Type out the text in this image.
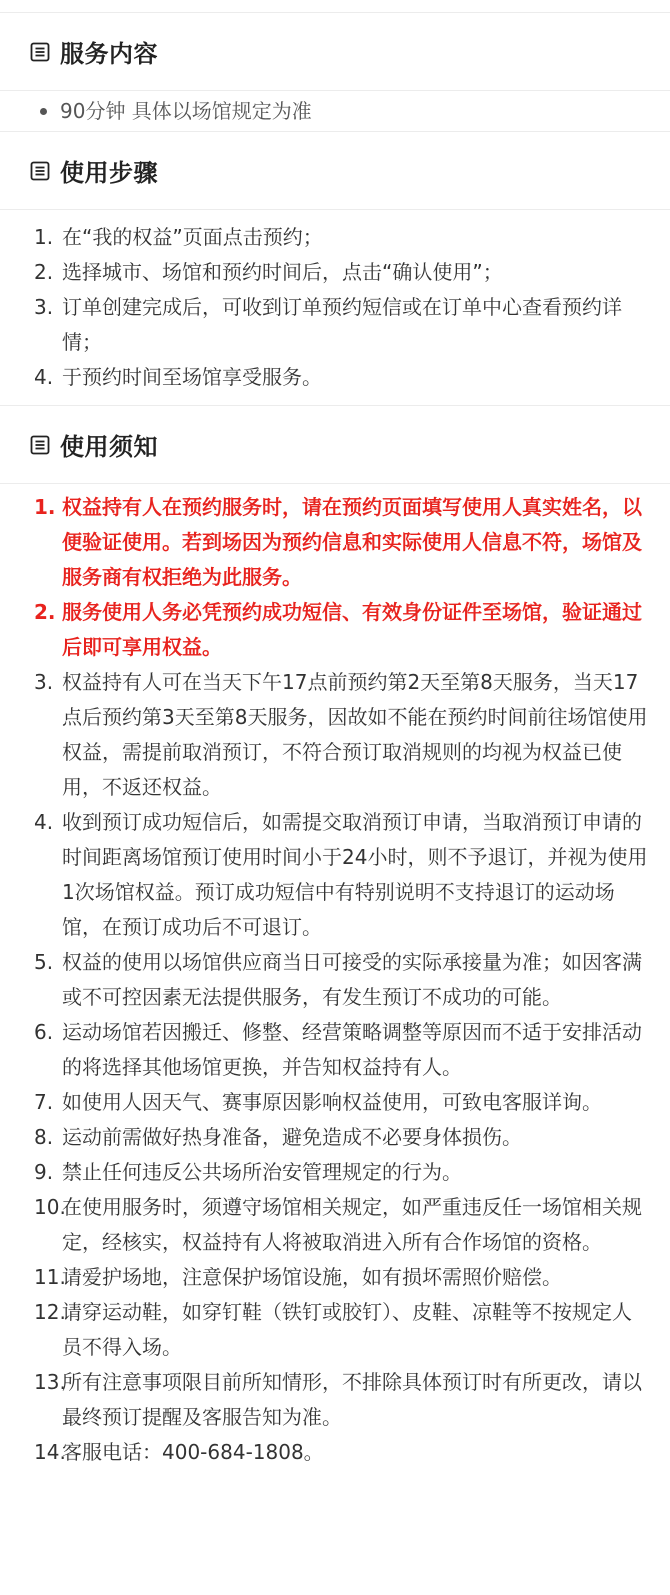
服务内容
90分钟 具体以场馆规定为准
使用步骤
1. 在“我的权益”页面点击预约；
2. 选择城市、场馆和预约时间后，点击“确认使用”；
3. 订单创建完成后，可收到订单预约短信或在订单中心查看预约详情；
4. 于预约时间至场馆享受服务。
使用须知
1. 权益持有人在预约服务时，请在预约页面填写使用人真实姓名，以便验证使用。若到场因为预约信息和实际使用人信息不符，场馆及服务商有权拒绝为此服务。
2. 服务使用人务必凭预约成功短信、有效身份证件至场馆，验证通过后即可享用权益。
3. 权益持有人可在当天下午17点前预约第2天至第8天服务，当天17点后预约第3天至第8天服务，因故如不能在预约时间前往场馆使用权益，需提前取消预订，不符合预订取消规则的均视为权益已使用，不返还权益。
4. 收到预订成功短信后，如需提交取消预订申请，当取消预订申请的时间距离场馆预订使用时间小于24小时，则不予退订，并视为使用1次场馆权益。预订成功短信中有特别说明不支持退订的运动场馆，在预订成功后不可退订。
5. 权益的使用以场馆供应商当日可接受的实际承接量为准；如因客满或不可控因素无法提供服务，有发生预订不成功的可能。
6. 运动场馆若因搬迁、修整、经营策略调整等原因而不适于安排活动的将选择其他场馆更换，并告知权益持有人。
7. 如使用人因天气、赛事原因影响权益使用，可致电客服详询。
8. 运动前需做好热身准备，避免造成不必要身体损伤。
9. 禁止任何违反公共场所治安管理规定的行为。
10.
在使用服务时，须遵守场馆相关规定，如严重违反任一场馆相关规定，经核实，权益持有人将被取消进入所有合作场馆的资格。
11.
请爱护场地，注意保护场馆设施，如有损坏需照价赔偿。
12.
请穿运动鞋，如穿钉鞋（铁钉或胶钉）、皮鞋、凉鞋等不按规定人员不得入场。
13.
所有注意事项限目前所知情形，不排除具体预订时有所更改，请以最终预订提醒及客服告知为准。
14.
客服电话：400-684-1808。
